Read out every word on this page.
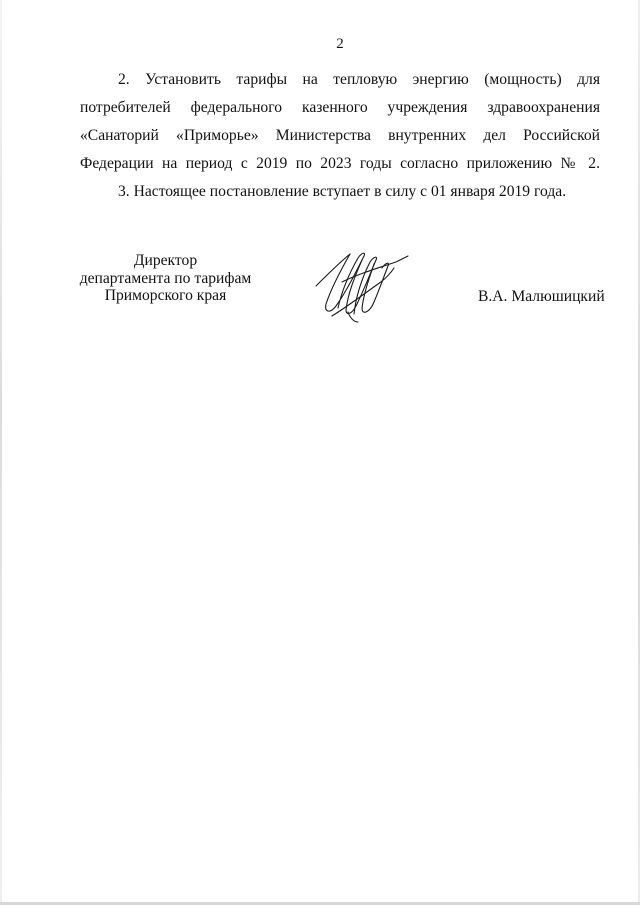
2

2. Установить тарифы на тепловую энергию (мощность) для потребителей федерального казенного учреждения здравоохранения «Санаторий «Приморье» Министерства внутренних дел Российской Федерации на период с 2019 по 2023 годы согласно приложению № 2.

3. Настоящее постановление вступает в силу с 01 января 2019 года.

Директор
департамента по тарифам
Приморского края	В.А. Малюшицкий
